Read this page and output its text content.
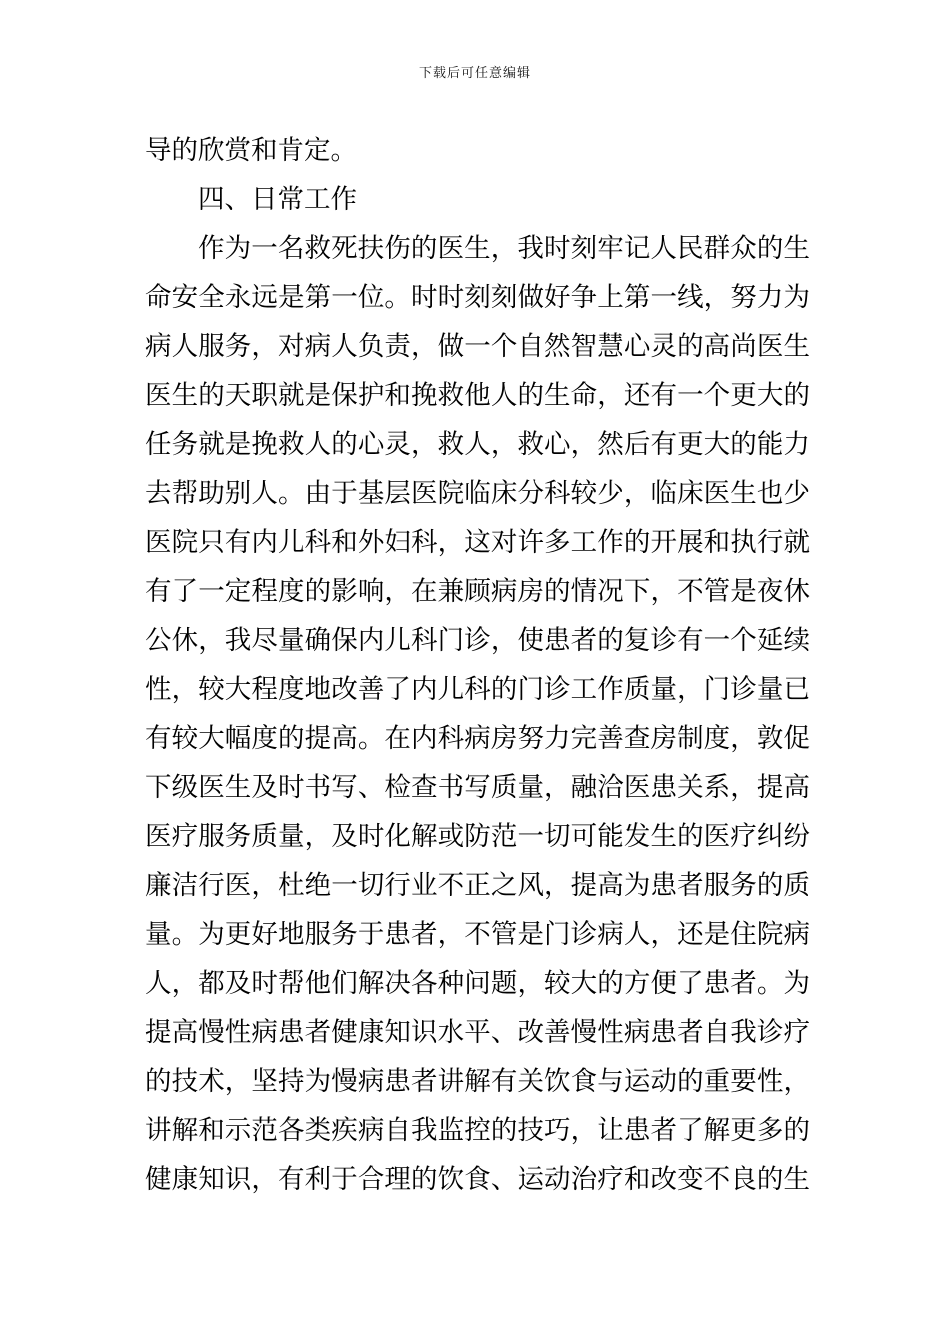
下载后可任意编辑
导的欣赏和肯定。
四、日常工作
作为一名救死扶伤的医生，我时刻牢记人民群众的生
命安全永远是第一位。时时刻刻做好争上第一线，努力为
病人服务，对病人负责，做一个自然智慧心灵的高尚医生
医生的天职就是保护和挽救他人的生命，还有一个更大的
任务就是挽救人的心灵，救人，救心，然后有更大的能力
去帮助别人。由于基层医院临床分科较少，临床医生也少
医院只有内儿科和外妇科，这对许多工作的开展和执行就
有了一定程度的影响，在兼顾病房的情况下，不管是夜休
公休，我尽量确保内儿科门诊，使患者的复诊有一个延续
性，较大程度地改善了内儿科的门诊工作质量，门诊量已
有较大幅度的提高。在内科病房努力完善查房制度，敦促
下级医生及时书写、检查书写质量，融洽医患关系，提高
医疗服务质量，及时化解或防范一切可能发生的医疗纠纷
廉洁行医，杜绝一切行业不正之风，提高为患者服务的质
量。为更好地服务于患者，不管是门诊病人，还是住院病
人，都及时帮他们解决各种问题，较大的方便了患者。为
提高慢性病患者健康知识水平、改善慢性病患者自我诊疗
的技术，坚持为慢病患者讲解有关饮食与运动的重要性，
讲解和示范各类疾病自我监控的技巧，让患者了解更多的
健康知识，有利于合理的饮食、运动治疗和改变不良的生
